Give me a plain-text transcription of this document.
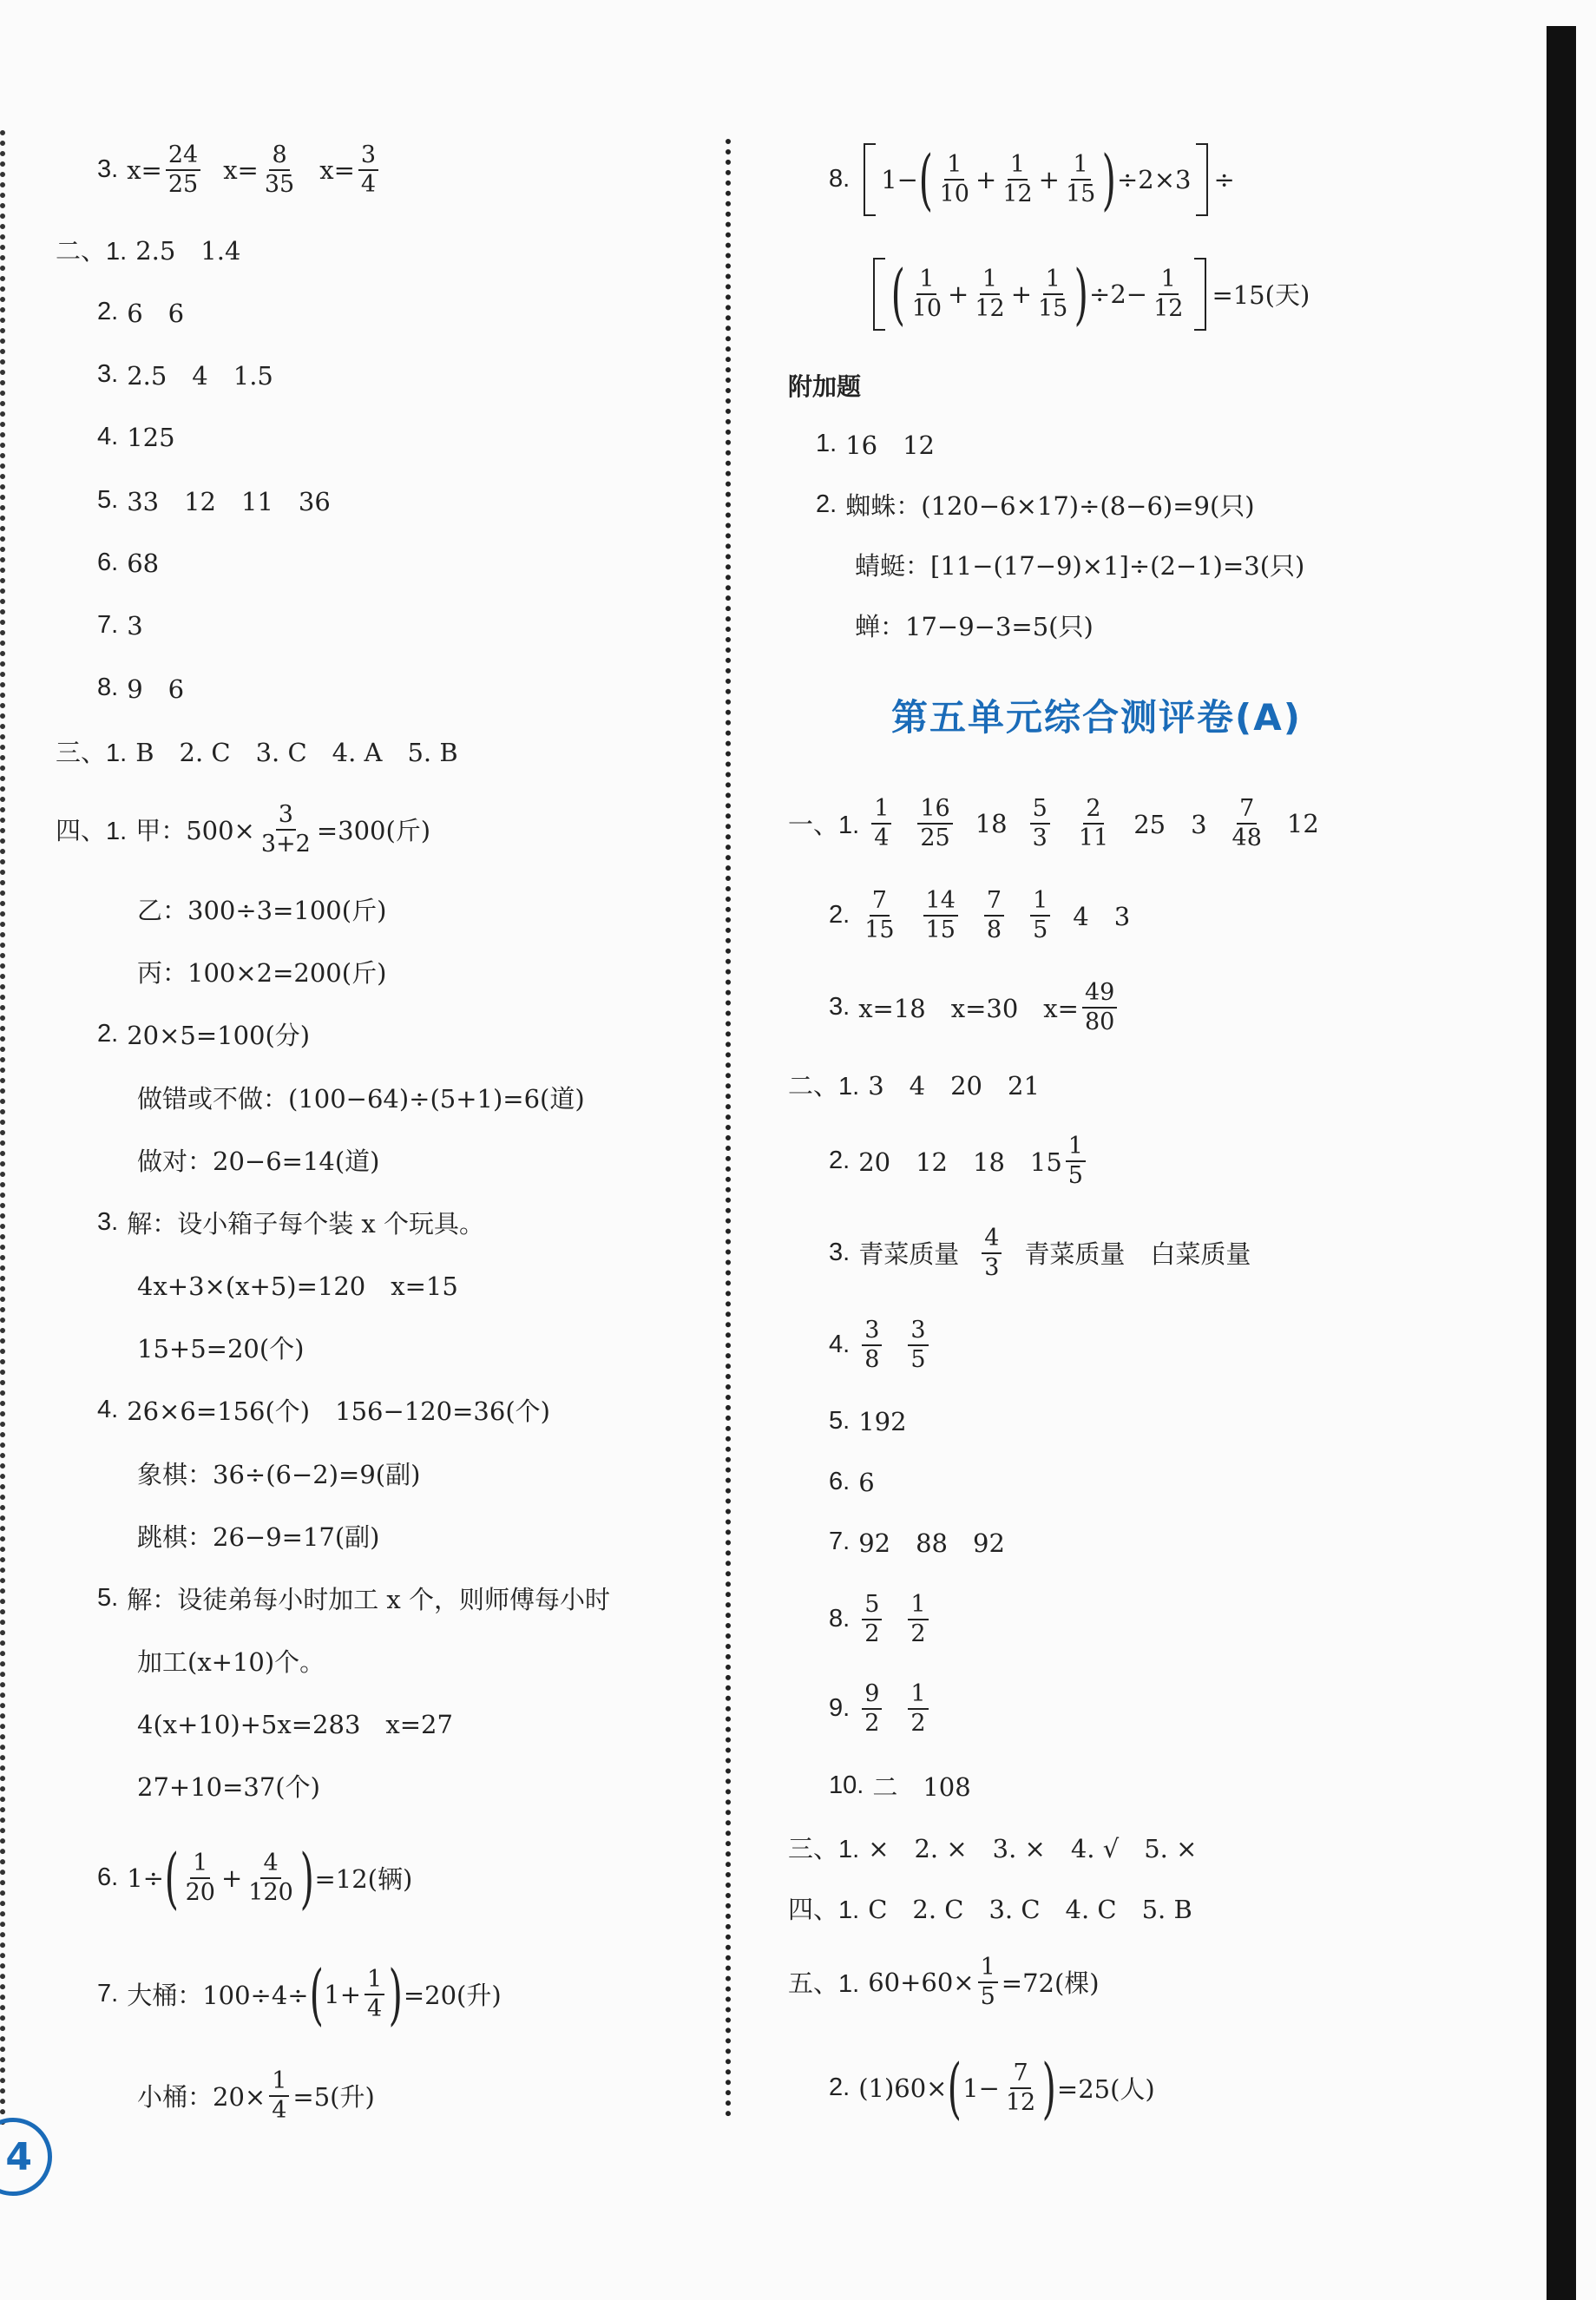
4
3. $x= \frac{24}{25} x= \frac{8}{35} x= \frac{3}{4}$
二、1. 2.5　1.4
2. 6　6
3. 2.5　4　1.5
4. 125
5. 33　12　11　36
6. 68
7. 3
8. 9　6
三、1. B　2. C　3. C　4. A　5. B
四、1. 甲：$500\times \frac{3}{3+2} =300$(斤)
乙：300÷3=100(斤)
丙：100×2=200(斤)
2. 20×5=100(分)
做错或不做：(100−64)÷(5+1)=6(道)
做对：20−6=14(道)
3. 解：设小箱子每个装 x 个玩具。
4x+3×(x+5)=120　x=15
15+5=20(个)
4. 26×6=156(个)　156−120=36(个)
象棋：36÷(6−2)=9(副)
跳棋：26−9=17(副)
5. 解：设徒弟每小时加工 x 个，则师傅每小时
加工(x+10)个。
4(x+10)+5x=283　x=27
27+10=37(个)
6. 1÷ ( $\frac{1}{20} + \frac{4}{120}$ ) =12(辆)
7. 大桶：100÷4÷ ( $1+ \frac{1}{4}$ ) =20(升)
小桶：$20\times \frac{1}{4} =5$(升)
8. 1− ( $\frac{1}{10} + \frac{1}{12} + \frac{1}{15}$ ) ÷2×3 ÷
( $\frac{1}{10} + \frac{1}{12} + \frac{1}{15}$ ) $\div 2- \frac{1}{12} =15$(天)
附加题
1. 16　12
2. 蜘蛛：(120−6×17)÷(8−6)=9(只)
蜻蜓：[11−(17−9)×1]÷(2−1)=3(只)
蝉：17−9−3=5(只)
第五单元综合测评卷(A)
一、1. $\frac{1}{4} \frac{16}{25} 18 \frac{5}{3} \frac{2}{11} 25$　$3 \frac{7}{48} 12$
2. $\frac{7}{15} \frac{14}{15} \frac{7}{8} \frac{1}{5} 4$　3
3. x=18　x=30　$x= \frac{49}{80}$
二、1. 3　4　20　21
2. 20　12　18　$15 \frac{1}{5}$
3. 青菜质量 $\frac{4}{3}$ 青菜质量　白菜质量
4. $\frac{3}{8} \frac{3}{5}$
5. 192
6. 6
7. 92　88　92
8. $\frac{5}{2} \frac{1}{2}$
9. $\frac{9}{2} \frac{1}{2}$
10. 二　108
三、1. ×　2. ×　3. ×　4. √　5. ×
四、1. C　2. C　3. C　4. C　5. B
五、1. $60+60\times \frac{1}{5} =72$(棵)
2. (1)60× ( $1- \frac{7}{12}$ ) =25(人)
